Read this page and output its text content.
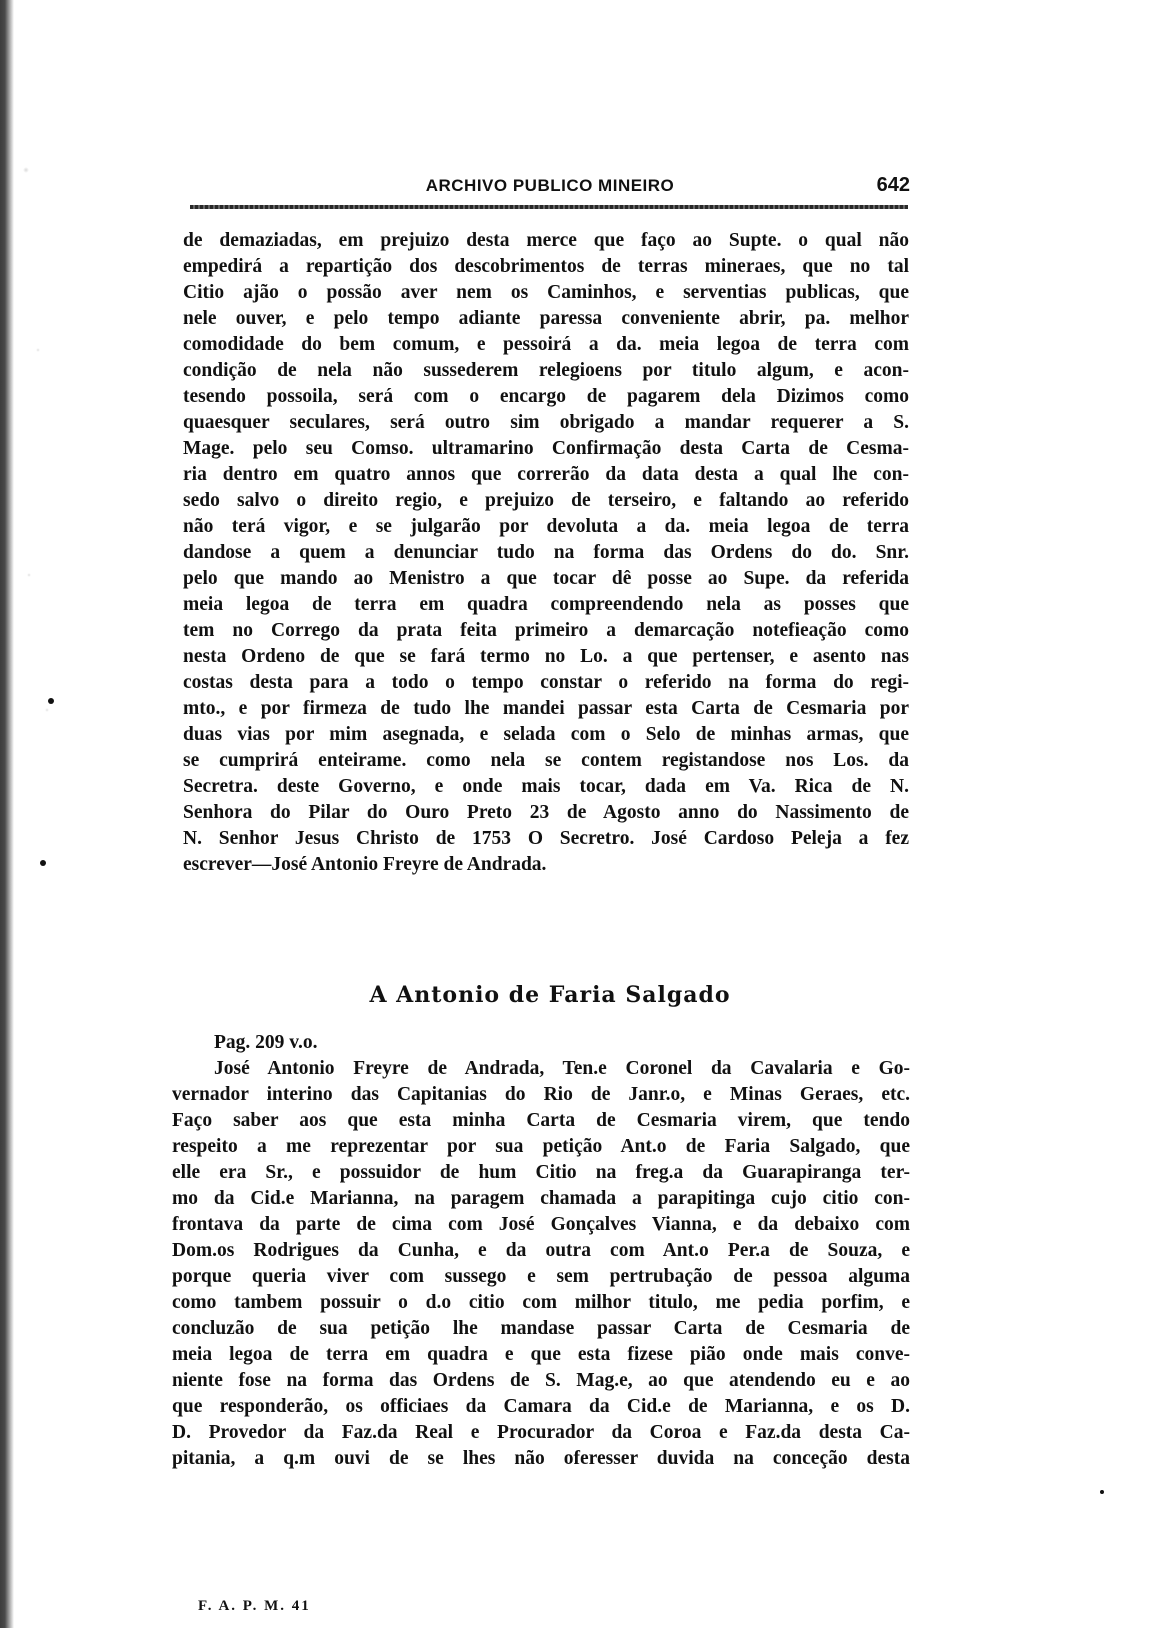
ARCHIVO PUBLICO MINEIRO	642
de demaziadas, em prejuizo desta merce que faço ao Supte. o qual não
empedirá a repartição dos descobrimentos de terras mineraes, que no tal
Citio ajão o possão aver nem os Caminhos, e serventias publicas, que
nele ouver, e pelo tempo adiante paressa conveniente abrir, pa. melhor
comodidade do bem comum, e pessoirá a da. meia legoa de terra com
condição de nela não sussederem relegioens por titulo algum, e acon-
tesendo possoila, será com o encargo de pagarem dela Dizimos como
quaesquer seculares, será outro sim obrigado a mandar requerer a S.
Mage. pelo seu Comso. ultramarino Confirmação desta Carta de Cesma-
ria dentro em quatro annos que correrão da data desta a qual lhe con-
sedo salvo o direito regio, e prejuizo de terseiro, e faltando ao referido
não terá vigor, e se julgarão por devoluta a da. meia legoa de terra
dandose a quem a denunciar tudo na forma das Ordens do do. Snr.
pelo que mando ao Menistro a que tocar dê posse ao Supe. da referida
meia legoa de terra em quadra compreendendo nela as posses que
tem no Corrego da prata feita primeiro a demarcação notefieação como
nesta Ordeno de que se fará termo no Lo. a que pertenser, e asento nas
costas desta para a todo o tempo constar o referido na forma do regi-
mto., e por firmeza de tudo lhe mandei passar esta Carta de Cesmaria por
duas vias por mim asegnada, e selada com o Selo de minhas armas, que
se cumprirá enteirame. como nela se contem registandose nos Los. da
Secretra. deste Governo, e onde mais tocar, dada em Va. Rica de N.
Senhora do Pilar do Ouro Preto 23 de Agosto anno do Nassimento de
N. Senhor Jesus Christo de 1753 O Secretro. José Cardoso Peleja a fez
escrever—José Antonio Freyre de Andrada.
A Antonio de Faria Salgado
Pag. 209 v.o.
José Antonio Freyre de Andrada, Ten.e Coronel da Cavalaria e Go-
vernador interino das Capitanias do Rio de Janr.o, e Minas Geraes, etc.
Faço saber aos que esta minha Carta de Cesmaria virem, que tendo
respeito a me reprezentar por sua petição Ant.o de Faria Salgado, que
elle era Sr., e possuidor de hum Citio na freg.a da Guarapiranga ter-
mo da Cid.e Marianna, na paragem chamada a parapitinga cujo citio con-
frontava da parte de cima com José Gonçalves Vianna, e da debaixo com
Dom.os Rodrigues da Cunha, e da outra com Ant.o Per.a de Souza, e
porque queria viver com sussego e sem pertrubação de pessoa alguma
como tambem possuir o d.o citio com milhor titulo, me pedia porfim, e
concluzão de sua petição lhe mandase passar Carta de Cesmaria de
meia legoa de terra em quadra e que esta fizese pião onde mais conve-
niente fose na forma das Ordens de S. Mag.e, ao que atendendo eu e ao
que responderão, os officiaes da Camara da Cid.e de Marianna, e os D.
D. Provedor da Faz.da Real e Procurador da Coroa e Faz.da desta Ca-
pitania, a q.m ouvi de se lhes não oferesser duvida na conceção desta
F. A. P. M. 41
